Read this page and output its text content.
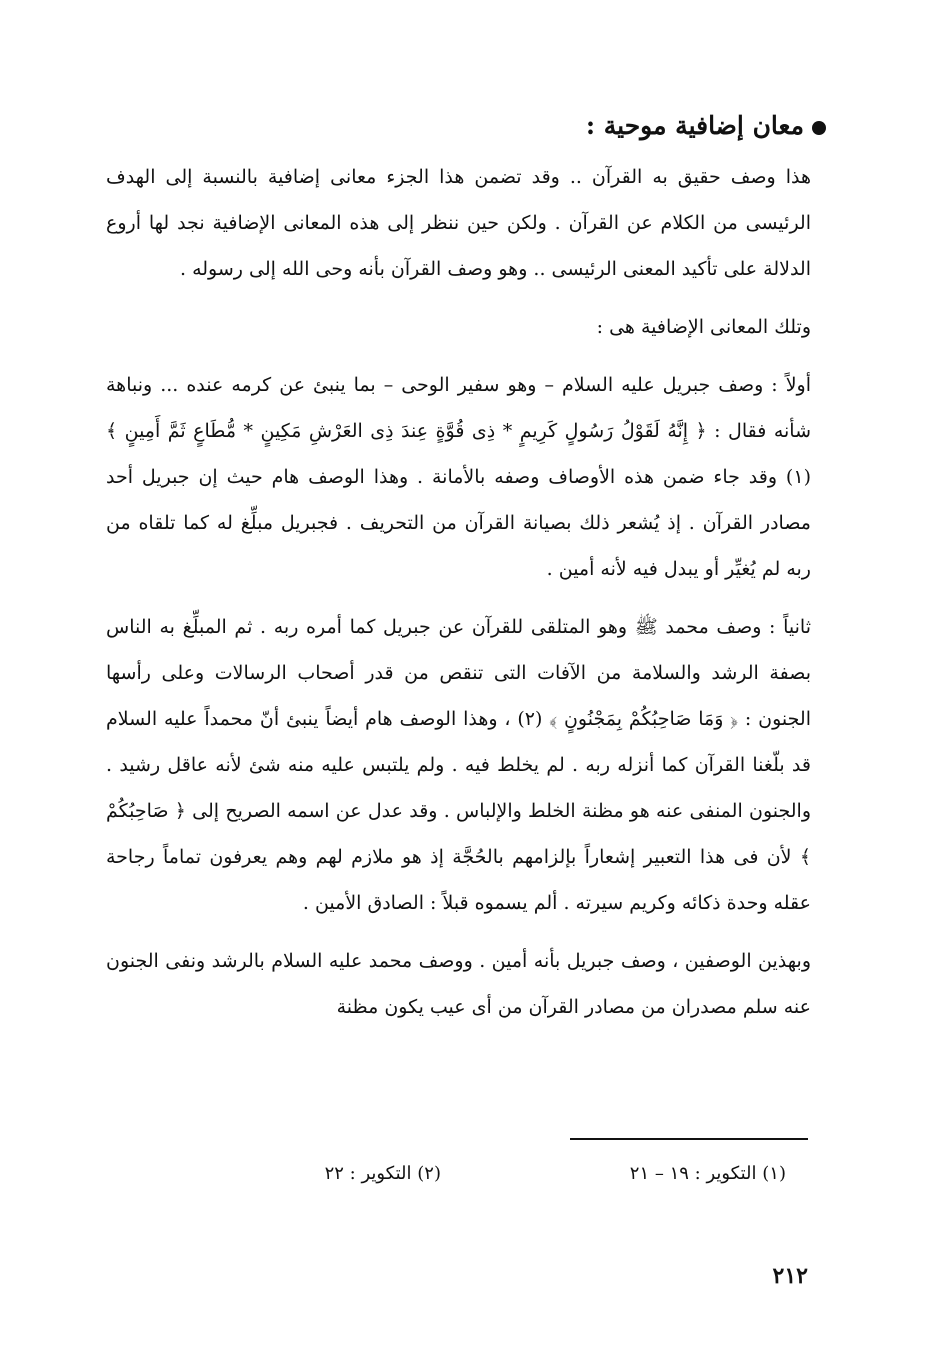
معان إضافية موحية :

هذا وصف حقيق به القرآن .. وقد تضمن هذا الجزء معانى إضافية بالنسبة إلى الهدف الرئيسى من الكلام عن القرآن . ولكن حين ننظر إلى هذه المعانى الإضافية نجد لها أروع الدلالة على تأكيد المعنى الرئيسى .. وهو وصف القرآن بأنه وحى الله إلى رسوله .

وتلك المعانى الإضافية هى :

أولاً : وصف جبريل عليه السلام – وهو سفير الوحى – بما ينبئ عن كرمه عنده ... ونباهة شأنه فقال : ﴿ إِنَّهُ لَقَوْلُ رَسُولٍ كَرِيمٍ * ذِى قُوَّةٍ عِندَ ذِى العَرْشِ مَكِينٍ * مُّطَاعٍ ثَمَّ أَمِينٍ ﴾ (١) وقد جاء ضمن هذه الأوصاف وصفه بالأمانة . وهذا الوصف هام حيث إن جبريل أحد مصادر القرآن . إذ يُشعر ذلك بصيانة القرآن من التحريف . فجبريل مبلِّغ له كما تلقاه من ربه لم يُغيِّر أو يبدل فيه لأنه أمين .

ثانياً : وصف محمد ﷺ وهو المتلقى للقرآن عن جبريل كما أمره ربه . ثم المبلِّغ به الناس بصفة الرشد والسلامة من الآفات التى تنقص من قدر أصحاب الرسالات وعلى رأسها الجنون : ﴿ وَمَا صَاحِبُكُمْ بِمَجْنُونٍ ﴾ (٢) ، وهذا الوصف هام أيضاً ينبئ أنّ محمداً عليه السلام قد بلّغنا القرآن كما أنزله ربه . لم يخلط فيه . ولم يلتبس عليه منه شئ لأنه عاقل رشيد . والجنون المنفى عنه هو مظنة الخلط والإلباس . وقد عدل عن اسمه الصريح إلى ﴿ صَاحِبُكُمْ ﴾ لأن فى هذا التعبير إشعاراً بإلزامهم بالحُجَّة إذ هو ملازم لهم وهم يعرفون تماماً رجاحة عقله وحدة ذكائه وكريم سيرته . ألم يسموه قبلاً : الصادق الأمين .

وبهذين الوصفين ، وصف جبريل بأنه أمين . ووصف محمد عليه السلام بالرشد ونفى الجنون عنه سلم مصدران من مصادر القرآن من أى عيب يكون مظنة

(١) التكوير : ١٩ – ٢١
(٢) التكوير : ٢٢
٢١٢
